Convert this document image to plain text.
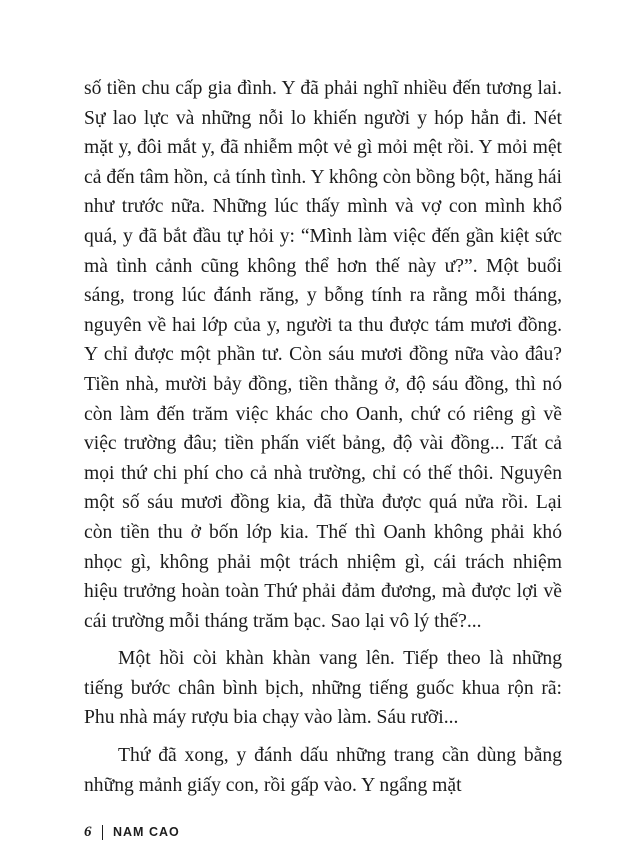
số tiền chu cấp gia đình. Y đã phải nghĩ nhiều đến tương lai. Sự lao lực và những nỗi lo khiến người y hóp hẳn đi. Nét mặt y, đôi mắt y, đã nhiễm một vẻ gì mỏi mệt rồi. Y mỏi mệt cả đến tâm hồn, cả tính tình. Y không còn bồng bột, hăng hái như trước nữa. Những lúc thấy mình và vợ con mình khổ quá, y đã bắt đầu tự hỏi y: “Mình làm việc đến gần kiệt sức mà tình cảnh cũng không thể hơn thế này ư?”. Một buổi sáng, trong lúc đánh răng, y bỗng tính ra rằng mỗi tháng, nguyên về hai lớp của y, người ta thu được tám mươi đồng. Y chỉ được một phần tư. Còn sáu mươi đồng nữa vào đâu? Tiền nhà, mười bảy đồng, tiền thằng ở, độ sáu đồng, thì nó còn làm đến trăm việc khác cho Oanh, chứ có riêng gì về việc trường đâu; tiền phấn viết bảng, độ vài đồng... Tất cả mọi thứ chi phí cho cả nhà trường, chỉ có thế thôi. Nguyên một số sáu mươi đồng kia, đã thừa được quá nửa rồi. Lại còn tiền thu ở bốn lớp kia. Thế thì Oanh không phải khó nhọc gì, không phải một trách nhiệm gì, cái trách nhiệm hiệu trưởng hoàn toàn Thứ phải đảm đương, mà được lợi về cái trường mỗi tháng trăm bạc. Sao lại vô lý thế?...

Một hồi còi khàn khàn vang lên. Tiếp theo là những tiếng bước chân bình bịch, những tiếng guốc khua rộn rã: Phu nhà máy rượu bia chạy vào làm. Sáu rưỡi...

Thứ đã xong, y đánh dấu những trang cần dùng bằng những mảnh giấy con, rồi gấp vào. Y ngẩng mặt

6 NAM CAO
